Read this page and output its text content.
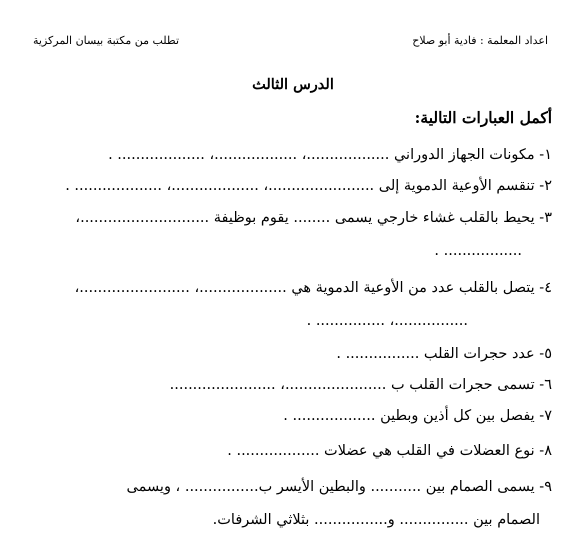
اعداد المعلمة : فادية أبو صلاح
تطلب من مكتبة بيسان المركزية
الدرس الثالث
أكمل العبارات التالية:
١- مكونات الجهاز الدوراني ..................، ..................، ................... .
٢- تنقسم الأوعية الدموية إلى .......................، ...................، ................... .
٣- يحيط بالقلب غشاء خارجي يسمى ........ يقوم بوظيفة ............................،
................. .
٤- يتصل بالقلب عدد من الأوعية الدموية هي ...................، ........................،
................، ............... .
٥- عدد حجرات القلب ................ .
٦- تسمى حجرات القلب ب ......................، .......................
٧- يفصل بين كل أذين وبطين .................. .
٨- نوع العضلات في القلب هي عضلات .................. .
٩- يسمى الصمام بين ........... والبطين الأيسر ب................ ، ويسمى
الصمام بين ............... و................ بثلاثي الشرفات.
